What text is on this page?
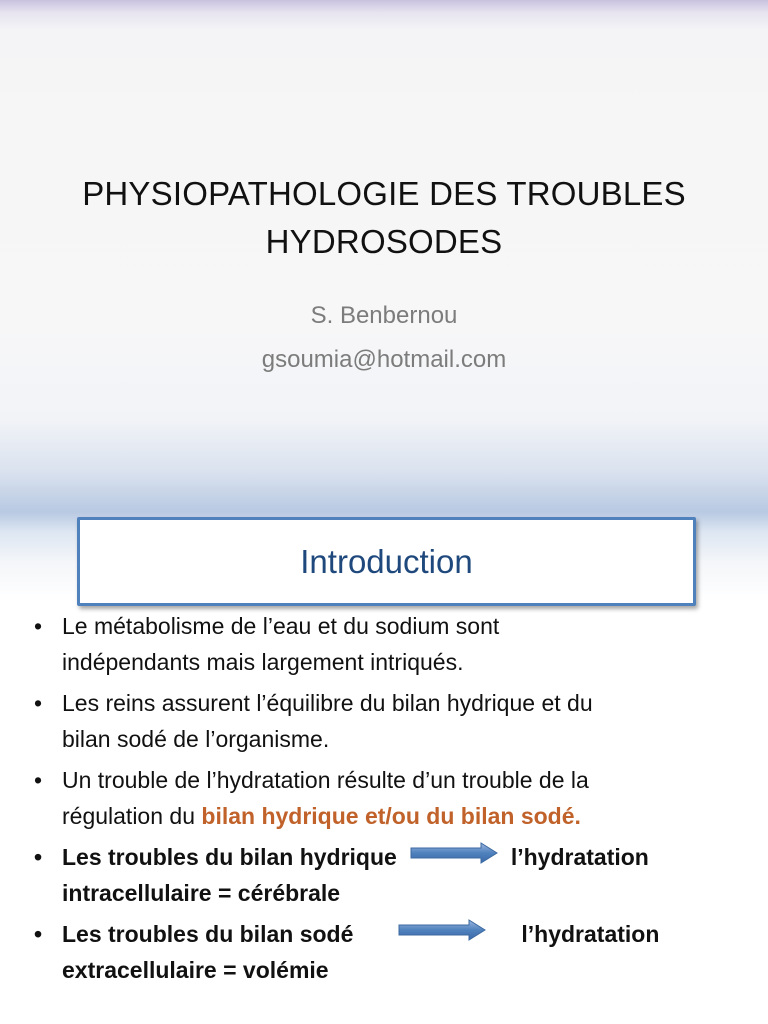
PHYSIOPATHOLOGIE DES TROUBLES
HYDROSODES
S. Benbernou
gsoumia@hotmail.com
Introduction
• Le métabolisme de l’eau et du sodium sont
indépendants mais largement intriqués.
• Les reins assurent l’équilibre du bilan hydrique et du
bilan sodé de l’organisme.
• Un trouble de l’hydratation résulte d’un trouble de la
régulation du bilan hydrique et/ou du bilan sodé.
• Les troubles du bilan hydrique	l’hydratation
intracellulaire = cérébrale
• Les troubles du bilan sodé	l’hydratation
extracellulaire = volémie
